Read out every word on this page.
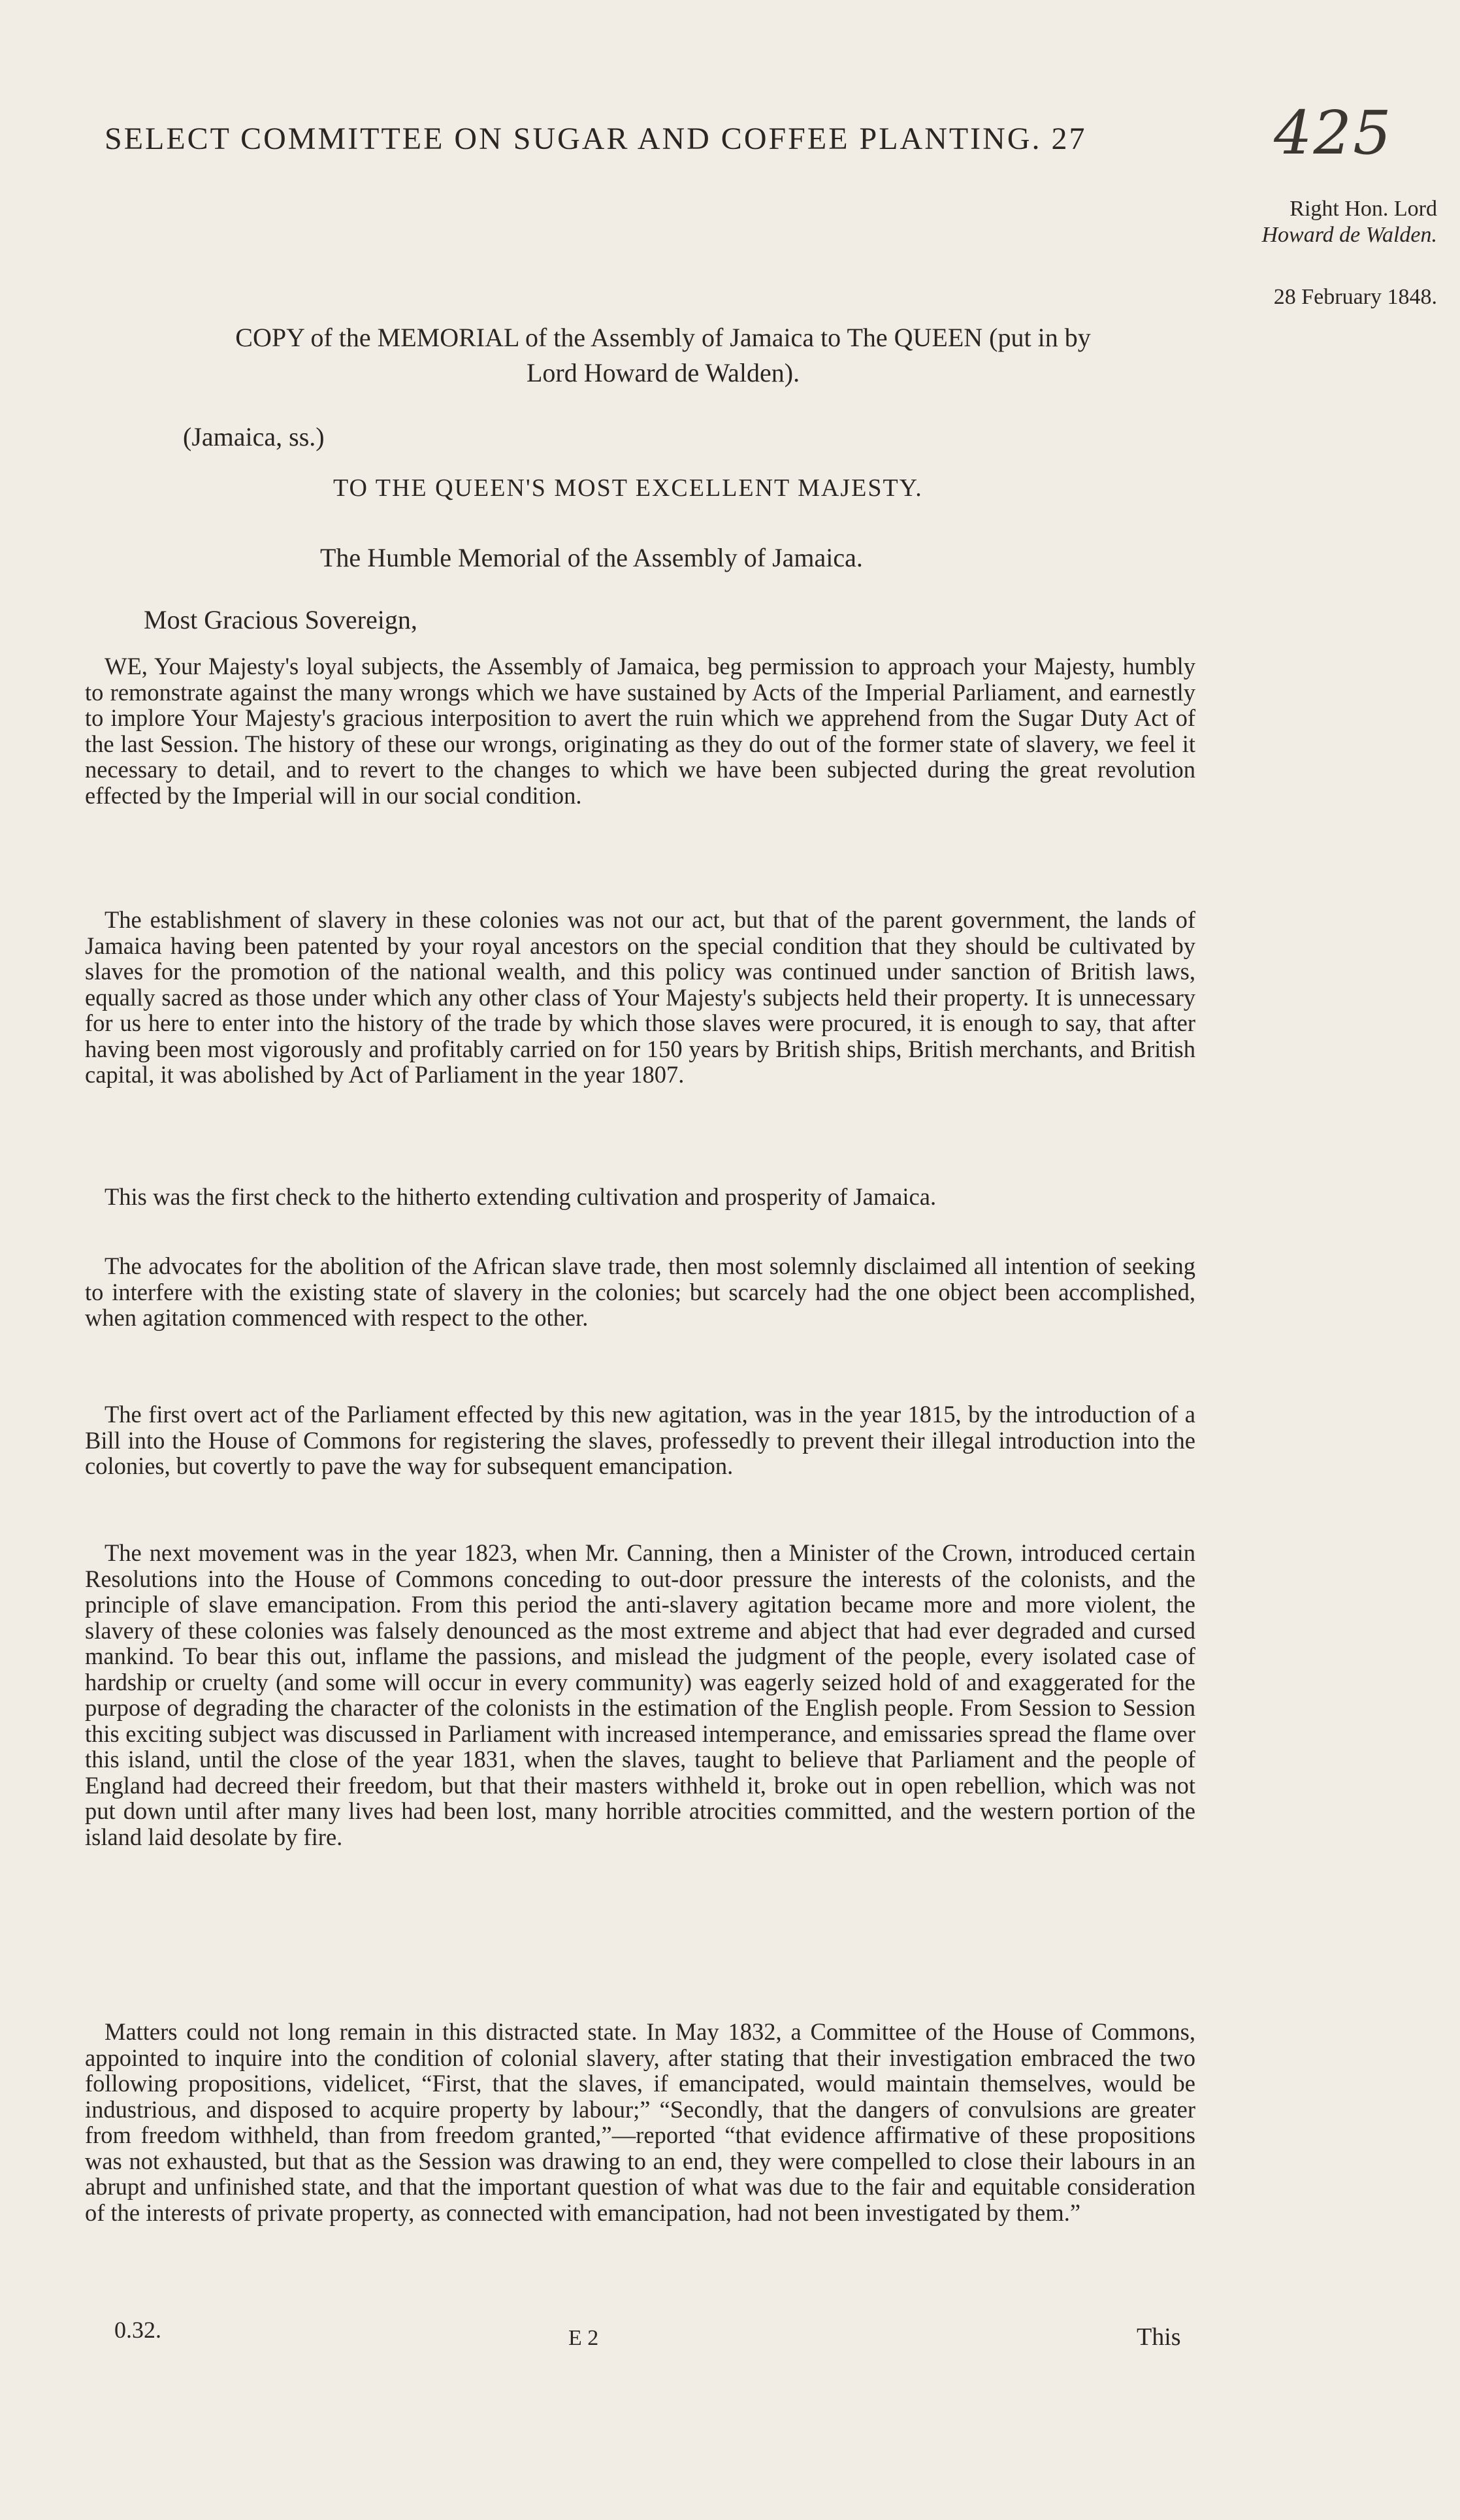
SELECT COMMITTEE ON SUGAR AND COFFEE PLANTING. 27	425
Right Hon. Lord
Howard de Walden.
28 February 1848.
COPY of the MEMORIAL of the Assembly of Jamaica to The QUEEN (put in by
Lord Howard de Walden).
(Jamaica, ss.)
TO THE QUEEN'S MOST EXCELLENT MAJESTY.
The Humble Memorial of the Assembly of Jamaica.
Most Gracious Sovereign,

WE, Your Majesty's loyal subjects, the Assembly of Jamaica, beg permission to approach your Majesty, humbly to remonstrate against the many wrongs which we have sustained by Acts of the Imperial Parliament, and earnestly to implore Your Majesty's gracious interposition to avert the ruin which we apprehend from the Sugar Duty Act of the last Session. The history of these our wrongs, originating as they do out of the former state of slavery, we feel it necessary to detail, and to revert to the changes to which we have been subjected during the great revolution effected by the Imperial will in our social condition.

The establishment of slavery in these colonies was not our act, but that of the parent government, the lands of Jamaica having been patented by your royal ancestors on the special condition that they should be cultivated by slaves for the promotion of the national wealth, and this policy was continued under sanction of British laws, equally sacred as those under which any other class of Your Majesty's subjects held their property. It is unnecessary for us here to enter into the history of the trade by which those slaves were procured, it is enough to say, that after having been most vigorously and profitably carried on for 150 years by British ships, British merchants, and British capital, it was abolished by Act of Parliament in the year 1807.

This was the first check to the hitherto extending cultivation and prosperity of Jamaica.

The advocates for the abolition of the African slave trade, then most solemnly disclaimed all intention of seeking to interfere with the existing state of slavery in the colonies; but scarcely had the one object been accomplished, when agitation commenced with respect to the other.

The first overt act of the Parliament effected by this new agitation, was in the year 1815, by the introduction of a Bill into the House of Commons for registering the slaves, professedly to prevent their illegal introduction into the colonies, but covertly to pave the way for subsequent emancipation.

The next movement was in the year 1823, when Mr. Canning, then a Minister of the Crown, introduced certain Resolutions into the House of Commons conceding to out-door pressure the interests of the colonists, and the principle of slave emancipation. From this period the anti-slavery agitation became more and more violent, the slavery of these colonies was falsely denounced as the most extreme and abject that had ever degraded and cursed mankind. To bear this out, inflame the passions, and mislead the judgment of the people, every isolated case of hardship or cruelty (and some will occur in every community) was eagerly seized hold of and exaggerated for the purpose of degrading the character of the colonists in the estimation of the English people. From Session to Session this exciting subject was discussed in Parliament with increased intemperance, and emissaries spread the flame over this island, until the close of the year 1831, when the slaves, taught to believe that Parliament and the people of England had decreed their freedom, but that their masters withheld it, broke out in open rebellion, which was not put down until after many lives had been lost, many horrible atrocities committed, and the western portion of the island laid desolate by fire.

Matters could not long remain in this distracted state. In May 1832, a Committee of the House of Commons, appointed to inquire into the condition of colonial slavery, after stating that their investigation embraced the two following propositions, videlicet, “First, that the slaves, if emancipated, would maintain themselves, would be industrious, and disposed to acquire property by labour;” “Secondly, that the dangers of convulsions are greater from freedom withheld, than from freedom granted,”—reported “that evidence affirmative of these propositions was not exhausted, but that as the Session was drawing to an end, they were compelled to close their labours in an abrupt and unfinished state, and that the important question of what was due to the fair and equitable consideration of the interests of private property, as connected with emancipation, had not been investigated by them.”

0.32.	E 2	This
